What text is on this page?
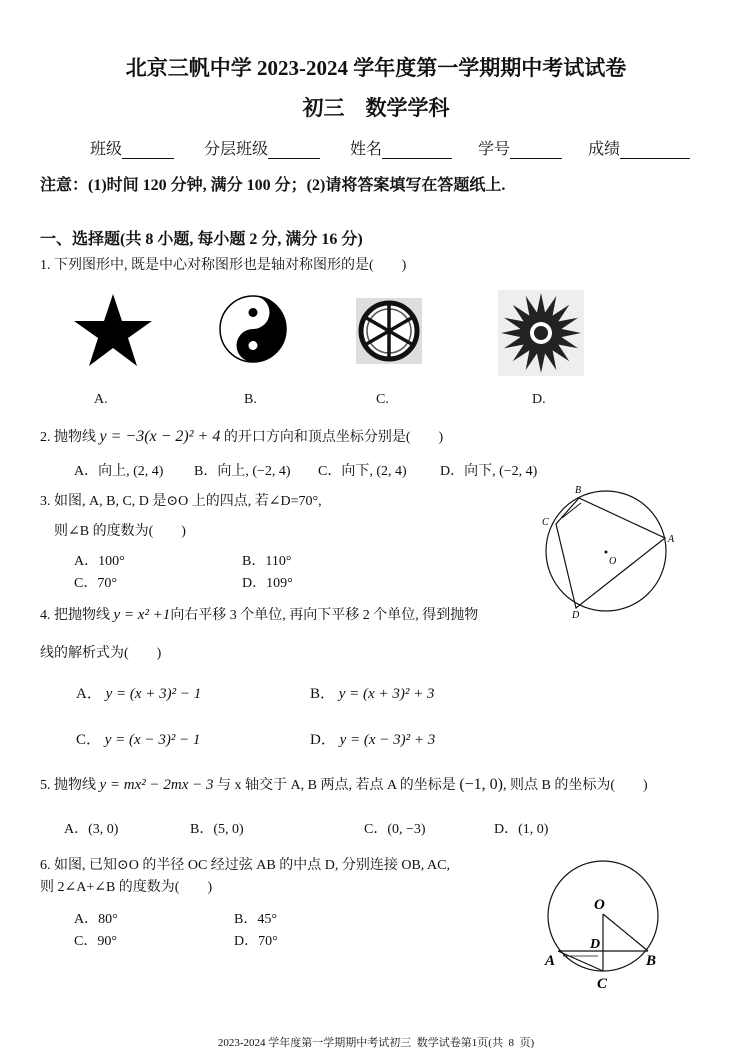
北京三帆中学 2023-2024 学年度第一学期期中考试试卷
初三    数学学科
班级	分层班级	姓名	学号	成绩
注意：(1)时间 120 分钟, 满分 100 分；(2)请将答案填写在答题纸上.
一、选择题(共 8 小题, 每小题 2 分, 满分 16 分)
1. 下列图形中, 既是中心对称图形也是轴对称图形的是(        )
A.	B.	C.	D.
2. 抛物线 y = −3(x − 2)² + 4 的开口方向和顶点坐标分别是(        )
A．向上, (2, 4) B．向上, (−2, 4) C．向下, (2, 4) D．向下, (−2, 4)
3. 如图, A, B, C, D 是⊙O 上的四点, 若∠D=70°,
则∠B 的度数为(        )
A．100°	B．110°
C．70°	D．109°
B
C
A
D
O
4. 把抛物线 y = x² +1向右平移 3 个单位, 再向下平移 2 个单位, 得到抛物
线的解析式为(        )
A． y = (x + 3)² − 1	B． y = (x + 3)² + 3
C． y = (x − 3)² − 1	D． y = (x − 3)² + 3
5. 抛物线 y = mx² − 2mx − 3 与 x 轴交于 A, B 两点, 若点 A 的坐标是 (−1, 0), 则点 B 的坐标为(        )
A．(3, 0)	B．(5, 0)	C．(0, −3)	D．(1, 0)
6. 如图, 已知⊙O 的半径 OC 经过弦 AB 的中点 D, 分别连接 OB, AC,
则 2∠A+∠B 的度数为(        )
A．80°	B．45°
C．90°	D．70°
O
D
A	B
C
2023-2024 学年度第一学期期中考试初三  数学试卷第1页(共  8  页)
